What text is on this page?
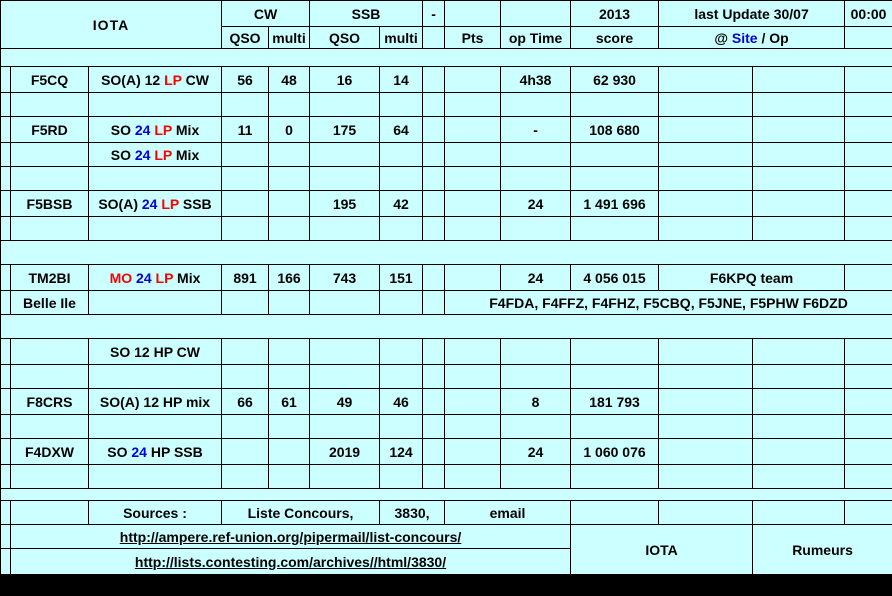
IOTA			CW		SSB		-			2013	last Update 30/07		00:00
			QSO	multi	QSO	multi		Pts	op Time	score	@ Site / Op		

	F5CQ	SO(A) 12 LP CW	56	48	16	14			4h38	62 930			

	F5RD	SO 24 LP Mix	11	0	175	64			-	108 680			
		SO 24 LP Mix											

	F5BSB	SO(A) 24 LP SSB			195	42			24	1 491 696			

	TM2BI	MO 24 LP Mix	891	166	743	151			24	4 056 015	F6KPQ team		
	Belle Ile							F4FDA, F4FFZ, F4FHZ, F5CBQ, F5JNE, F5PHW F6DZD					

		SO 12 HP CW											

	F8CRS	SO(A) 12 HP mix	66	61	49	46			8	181 793			

	F4DXW	SO 24 HP SSB			2019	124			24	1 060 076			

		Sources :	Liste Concours,			3830,		email					
	http://ampere.ref-union.org/pipermail/list-concours/									IOTA		Rumeurs	
	http://lists.contesting.com/archives//html/3830/												
